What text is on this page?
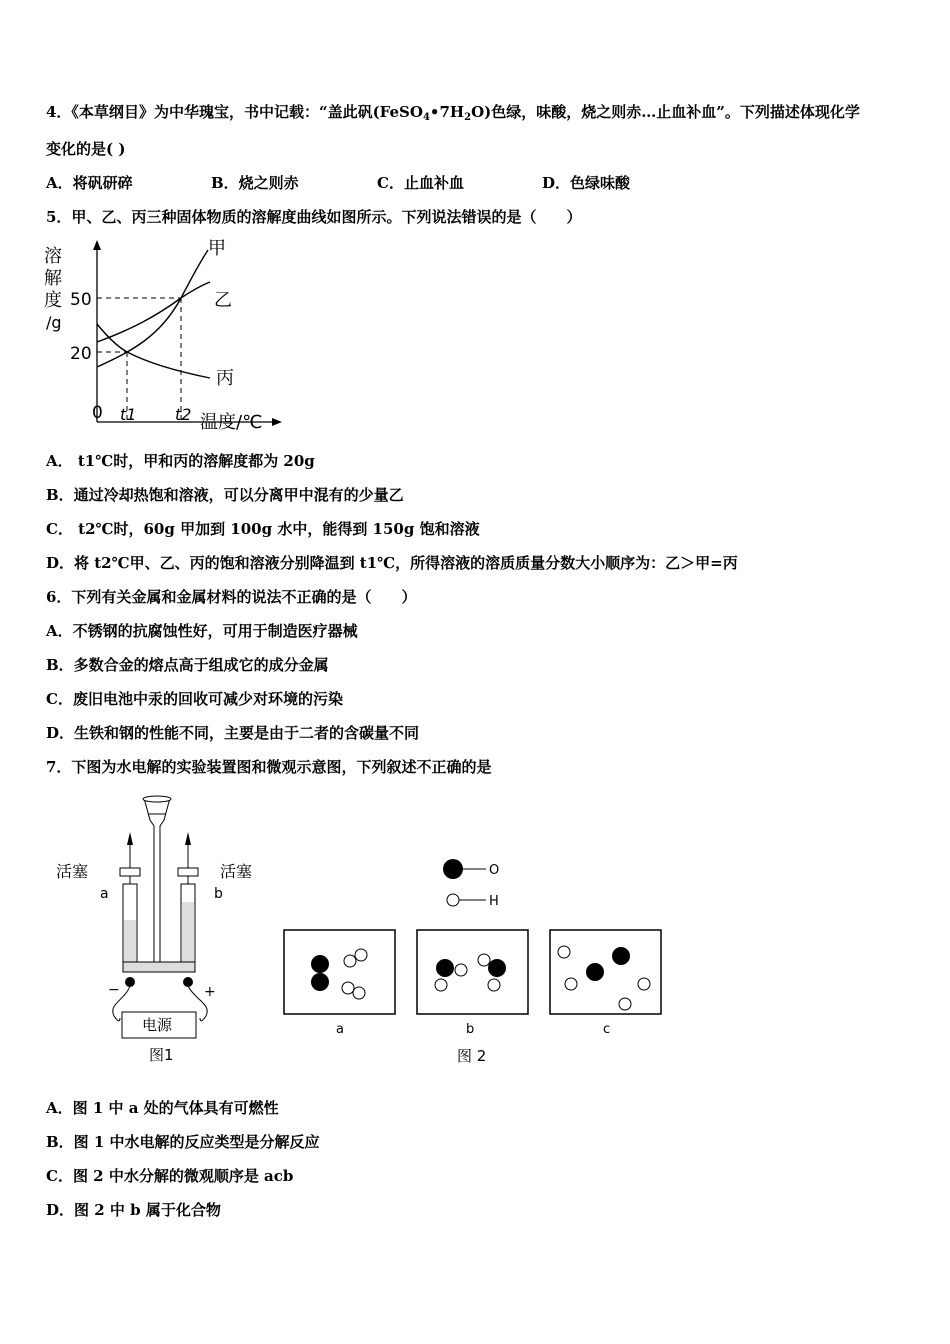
4．《本草纲目》为中华瑰宝，书中记载：“盖此矾$(FeSO_4•7H_2O)$色绿，味酸，烧之则赤…止血补血”。下列描述体现化学
变化的是( )
A．将矾研碎	B．烧之则赤	C．止血补血	D．色绿味酸
5．甲、乙、丙三种固体物质的溶解度曲线如图所示。下列说法错误的是（　　）
溶
解
度
/g
50
20
0 t1 t2 温度/℃
甲
乙
丙
A． t1℃时，甲和丙的溶解度都为 20g
B．通过冷却热饱和溶液，可以分离甲中混有的少量乙
C． t2℃时，60g 甲加到 100g 水中，能得到 150g 饱和溶液
D．将 t2℃甲、乙、丙的饱和溶液分别降温到 t1℃，所得溶液的溶质质量分数大小顺序为：乙＞甲=丙
6．下列有关金属和金属材料的说法不正确的是（　　）
A．不锈钢的抗腐蚀性好，可用于制造医疗器械
B．多数合金的熔点高于组成它的成分金属
C．废旧电池中汞的回收可减少对环境的污染
D．生铁和钢的性能不同，主要是由于二者的含碳量不同
7．下图为水电解的实验装置图和微观示意图，下列叙述不正确的是
电源
活塞	活塞
a	b
−	+
图1
O
H
a	b	c
图 2
A．图 1 中 a 处的气体具有可燃性
B．图 1 中水电解的反应类型是分解反应
C．图 2 中水分解的微观顺序是 acb
D．图 2 中 b 属于化合物
